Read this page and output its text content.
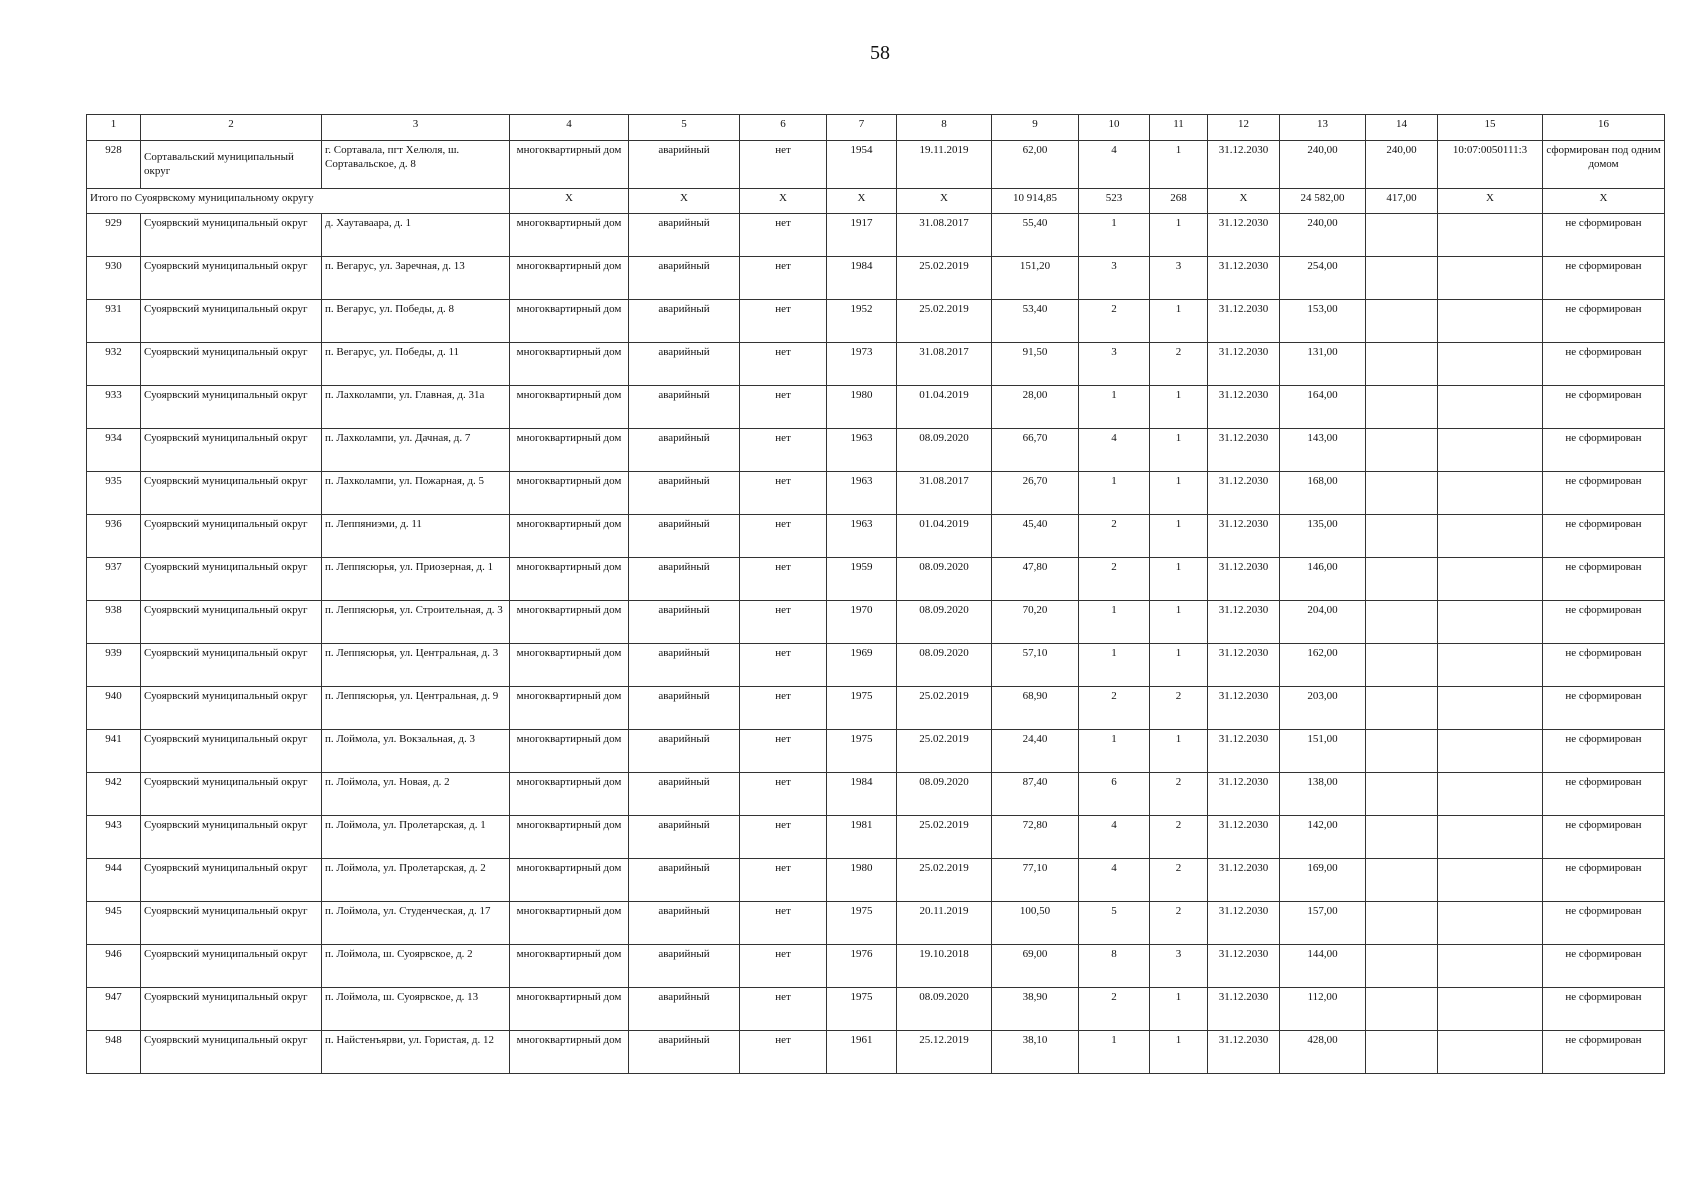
58
1	2	3	4	5	6	7	8	9	10	11	12	13	14	15	16
928	Сортавальский муниципальный округ	г. Сортавала, пгт Хелюля, ш. Сортавальское, д. 8	многоквартирный дом	аварийный	нет	1954	19.11.2019	62,00	4	1	31.12.2030	240,00	240,00	10:07:0050111:3	сформирован под одним домом
Итого по Суоярвскому муниципальному округу			Х	Х	Х	Х	Х	10 914,85	523	268	Х	24 582,00	417,00	Х	Х
929	Суоярвский муниципальный округ	д. Хаутаваара, д. 1	многоквартирный дом	аварийный	нет	1917	31.08.2017	55,40	1	1	31.12.2030	240,00			не сформирован
930	Суоярвский муниципальный округ	п. Вегарус, ул. Заречная, д. 13	многоквартирный дом	аварийный	нет	1984	25.02.2019	151,20	3	3	31.12.2030	254,00			не сформирован
931	Суоярвский муниципальный округ	п. Вегарус, ул. Победы, д. 8	многоквартирный дом	аварийный	нет	1952	25.02.2019	53,40	2	1	31.12.2030	153,00			не сформирован
932	Суоярвский муниципальный округ	п. Вегарус, ул. Победы, д. 11	многоквартирный дом	аварийный	нет	1973	31.08.2017	91,50	3	2	31.12.2030	131,00			не сформирован
933	Суоярвский муниципальный округ	п. Лахколампи, ул. Главная, д. 31а	многоквартирный дом	аварийный	нет	1980	01.04.2019	28,00	1	1	31.12.2030	164,00			не сформирован
934	Суоярвский муниципальный округ	п. Лахколампи, ул. Дачная, д. 7	многоквартирный дом	аварийный	нет	1963	08.09.2020	66,70	4	1	31.12.2030	143,00			не сформирован
935	Суоярвский муниципальный округ	п. Лахколампи, ул. Пожарная, д. 5	многоквартирный дом	аварийный	нет	1963	31.08.2017	26,70	1	1	31.12.2030	168,00			не сформирован
936	Суоярвский муниципальный округ	п. Леппяниэми, д. 11	многоквартирный дом	аварийный	нет	1963	01.04.2019	45,40	2	1	31.12.2030	135,00			не сформирован
937	Суоярвский муниципальный округ	п. Леппясюрья, ул. Приозерная, д. 1	многоквартирный дом	аварийный	нет	1959	08.09.2020	47,80	2	1	31.12.2030	146,00			не сформирован
938	Суоярвский муниципальный округ	п. Леппясюрья, ул. Строительная, д. 3	многоквартирный дом	аварийный	нет	1970	08.09.2020	70,20	1	1	31.12.2030	204,00			не сформирован
939	Суоярвский муниципальный округ	п. Леппясюрья, ул. Центральная, д. 3	многоквартирный дом	аварийный	нет	1969	08.09.2020	57,10	1	1	31.12.2030	162,00			не сформирован
940	Суоярвский муниципальный округ	п. Леппясюрья, ул. Центральная, д. 9	многоквартирный дом	аварийный	нет	1975	25.02.2019	68,90	2	2	31.12.2030	203,00			не сформирован
941	Суоярвский муниципальный округ	п. Лоймола, ул. Вокзальная, д. 3	многоквартирный дом	аварийный	нет	1975	25.02.2019	24,40	1	1	31.12.2030	151,00			не сформирован
942	Суоярвский муниципальный округ	п. Лоймола, ул. Новая, д. 2	многоквартирный дом	аварийный	нет	1984	08.09.2020	87,40	6	2	31.12.2030	138,00			не сформирован
943	Суоярвский муниципальный округ	п. Лоймола, ул. Пролетарская, д. 1	многоквартирный дом	аварийный	нет	1981	25.02.2019	72,80	4	2	31.12.2030	142,00			не сформирован
944	Суоярвский муниципальный округ	п. Лоймола, ул. Пролетарская, д. 2	многоквартирный дом	аварийный	нет	1980	25.02.2019	77,10	4	2	31.12.2030	169,00			не сформирован
945	Суоярвский муниципальный округ	п. Лоймола, ул. Студенческая, д. 17	многоквартирный дом	аварийный	нет	1975	20.11.2019	100,50	5	2	31.12.2030	157,00			не сформирован
946	Суоярвский муниципальный округ	п. Лоймола, ш. Суоярвское, д. 2	многоквартирный дом	аварийный	нет	1976	19.10.2018	69,00	8	3	31.12.2030	144,00			не сформирован
947	Суоярвский муниципальный округ	п. Лоймола, ш. Суоярвское, д. 13	многоквартирный дом	аварийный	нет	1975	08.09.2020	38,90	2	1	31.12.2030	112,00			не сформирован
948	Суоярвский муниципальный округ	п. Найстенъярви, ул. Гористая, д. 12	многоквартирный дом	аварийный	нет	1961	25.12.2019	38,10	1	1	31.12.2030	428,00			не сформирован
